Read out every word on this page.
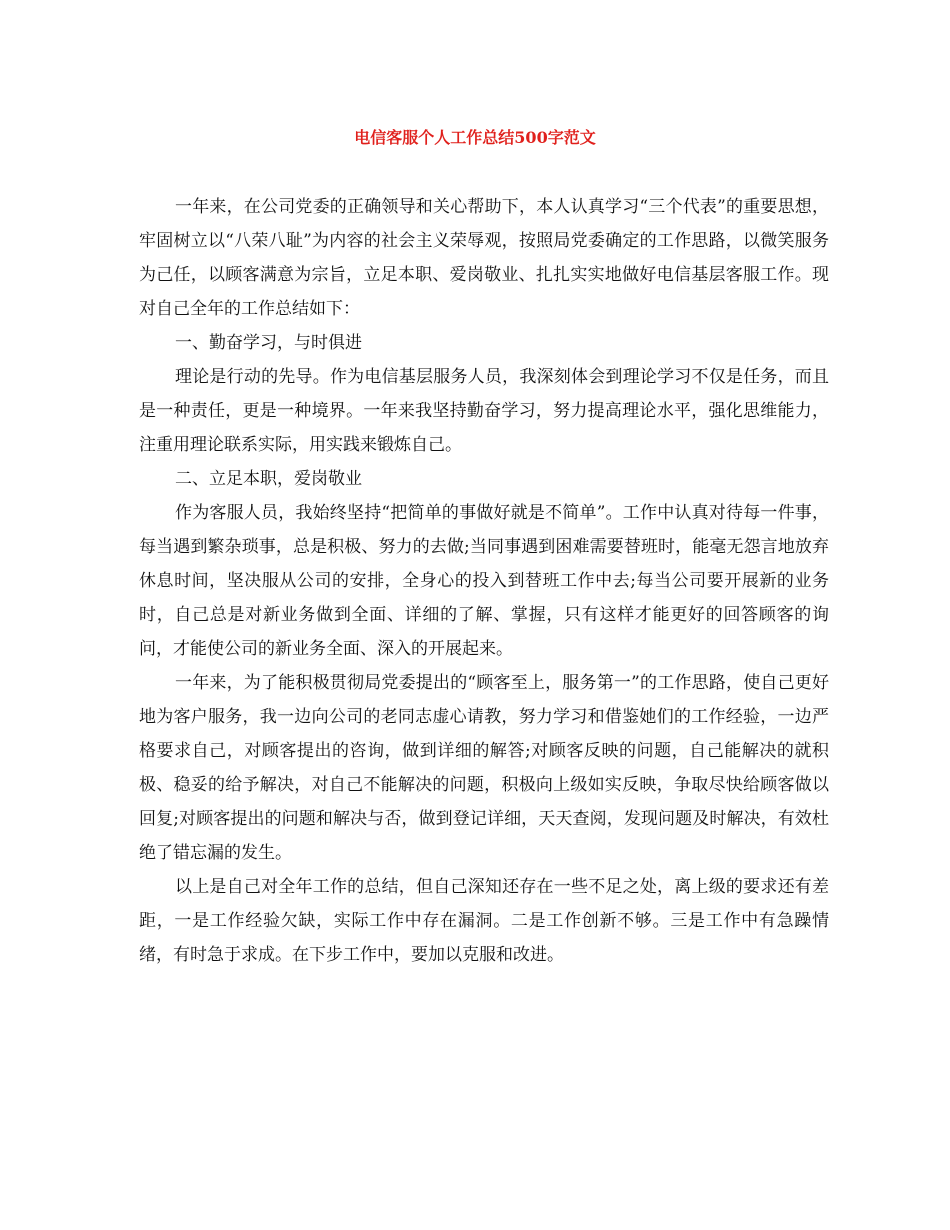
电信客服个人工作总结500字范文

一年来，在公司党委的正确领导和关心帮助下，本人认真学习“三个代表”的重要思想，牢固树立以“八荣八耻”为内容的社会主义荣辱观，按照局党委确定的工作思路，以微笑服务为己任，以顾客满意为宗旨，立足本职、爱岗敬业、扎扎实实地做好电信基层客服工作。现对自己全年的工作总结如下：

一、勤奋学习，与时俱进

理论是行动的先导。作为电信基层服务人员，我深刻体会到理论学习不仅是任务，而且是一种责任，更是一种境界。一年来我坚持勤奋学习，努力提高理论水平，强化思维能力，注重用理论联系实际，用实践来锻炼自己。

二、立足本职，爱岗敬业

作为客服人员，我始终坚持“把简单的事做好就是不简单”。工作中认真对待每一件事，每当遇到繁杂琐事，总是积极、努力的去做;当同事遇到困难需要替班时，能毫无怨言地放弃休息时间，坚决服从公司的安排，全身心的投入到替班工作中去;每当公司要开展新的业务时，自己总是对新业务做到全面、详细的了解、掌握，只有这样才能更好的回答顾客的询问，才能使公司的新业务全面、深入的开展起来。

一年来，为了能积极贯彻局党委提出的“顾客至上，服务第一”的工作思路，使自己更好地为客户服务，我一边向公司的老同志虚心请教，努力学习和借鉴她们的工作经验，一边严格要求自己，对顾客提出的咨询，做到详细的解答;对顾客反映的问题，自己能解决的就积极、稳妥的给予解决，对自己不能解决的问题，积极向上级如实反映，争取尽快给顾客做以回复;对顾客提出的问题和解决与否，做到登记详细，天天查阅，发现问题及时解决，有效杜绝了错忘漏的发生。

以上是自己对全年工作的总结，但自己深知还存在一些不足之处，离上级的要求还有差距，一是工作经验欠缺，实际工作中存在漏洞。二是工作创新不够。三是工作中有急躁情绪，有时急于求成。在下步工作中，要加以克服和改进。
